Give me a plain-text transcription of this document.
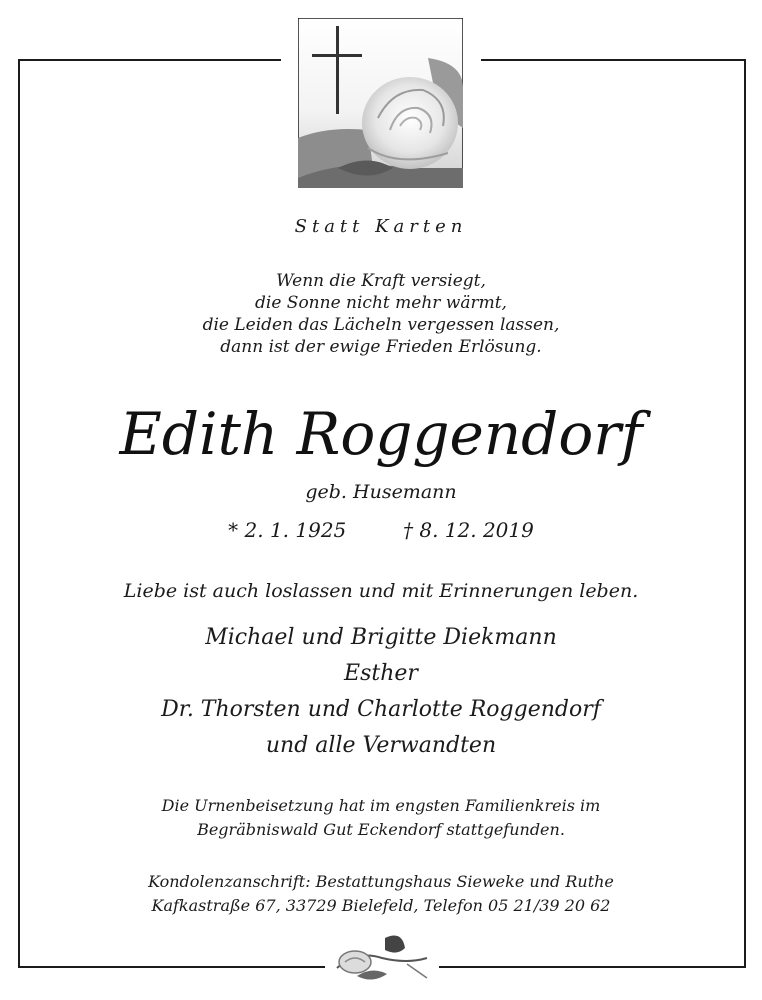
Statt Karten
Wenn die Kraft versiegt,
die Sonne nicht mehr wärmt,
die Leiden das Lächeln vergessen lassen,
dann ist der ewige Frieden Erlösung.
Edith Roggendorf
geb. Husemann
* 2. 1. 1925	† 8. 12. 2019
Liebe ist auch loslassen und mit Erinnerungen leben.
Michael und Brigitte Diekmann
Esther
Dr. Thorsten und Charlotte Roggendorf
und alle Verwandten
Die Urnenbeisetzung hat im engsten Familienkreis im
Begräbniswald Gut Eckendorf stattgefunden.
Kondolenzanschrift: Bestattungshaus Sieweke und Ruthe
Kafkastraße 67, 33729 Bielefeld, Telefon 05 21/39 20 62
